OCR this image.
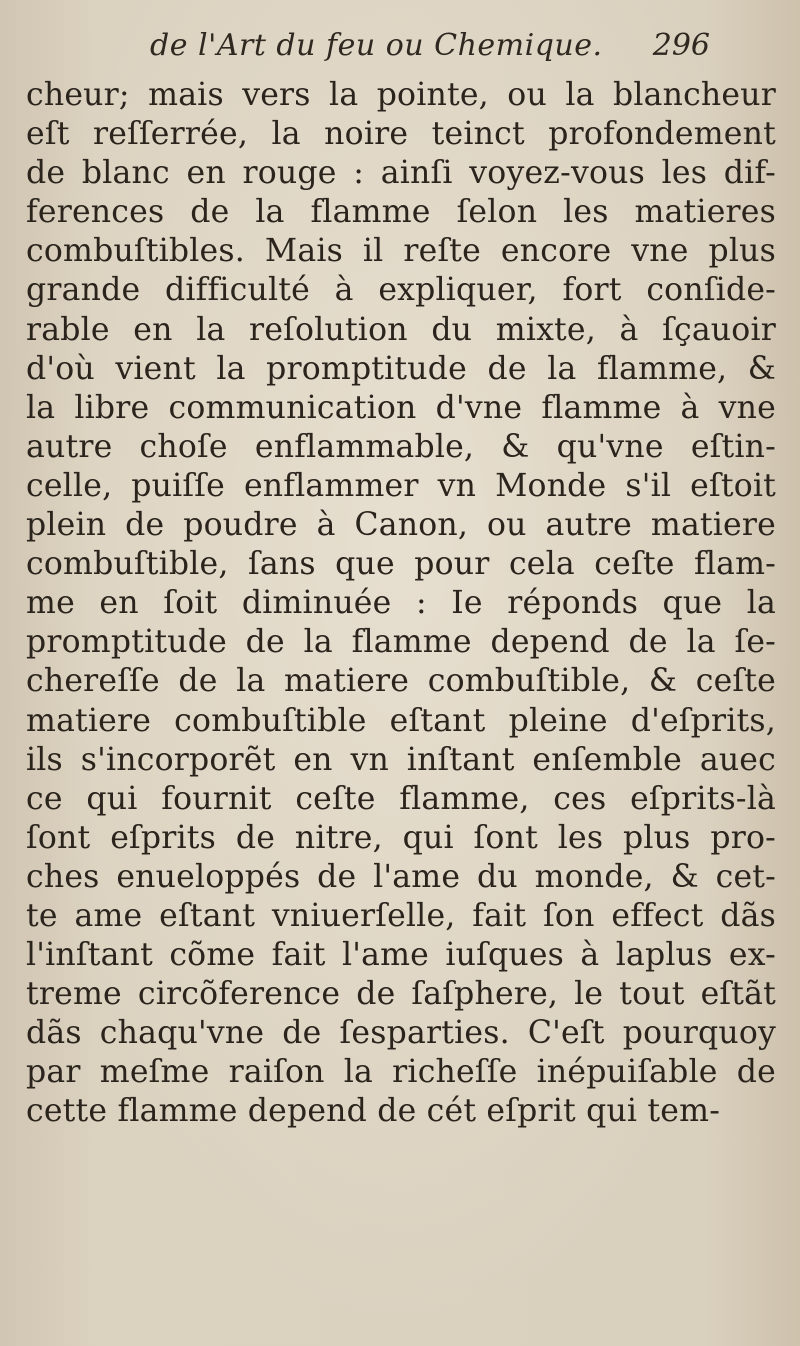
de l'Art du feu ou Chemique. 296
cheur; mais vers la pointe, ou la blancheur
eſt reſſerrée, la noire teinct profondement
de blanc en rouge : ainſi voyez-vous les dif-
ferences de la flamme ſelon les matieres
combuſtibles. Mais il reſte encore vne plus
grande difficulté à expliquer, fort conſide-
rable en la reſolution du mixte, à ſçauoir
d'où vient la promptitude de la flamme, &
la libre communication d'vne flamme à vne
autre choſe enflammable, & qu'vne eſtin-
celle, puiſſe enflammer vn Monde s'il eſtoit
plein de poudre à Canon, ou autre matiere
combuſtible, ſans que pour cela ceſte flam-
me en ſoit diminuée : Ie réponds que la
promptitude de la flamme depend de la ſe-
chereſſe de la matiere combuſtible, & ceſte
matiere combuſtible eſtant pleine d'eſprits,
ils s'incorporẽt en vn inſtant enſemble auec
ce qui fournit ceſte flamme, ces eſprits-là
ſont eſprits de nitre, qui ſont les plus pro-
ches enueloppés de l'ame du monde, & cet-
te ame eſtant vniuerſelle, fait ſon effect dãs
l'inſtant cõme fait l'ame iuſques à laplus ex-
treme circõference de ſaſphere, le tout eſtãt
dãs chaqu'vne de ſesparties. C'eſt pourquoy
par meſme raiſon la richeſſe inépuiſable de
cette flamme depend de cét eſprit qui tem-
